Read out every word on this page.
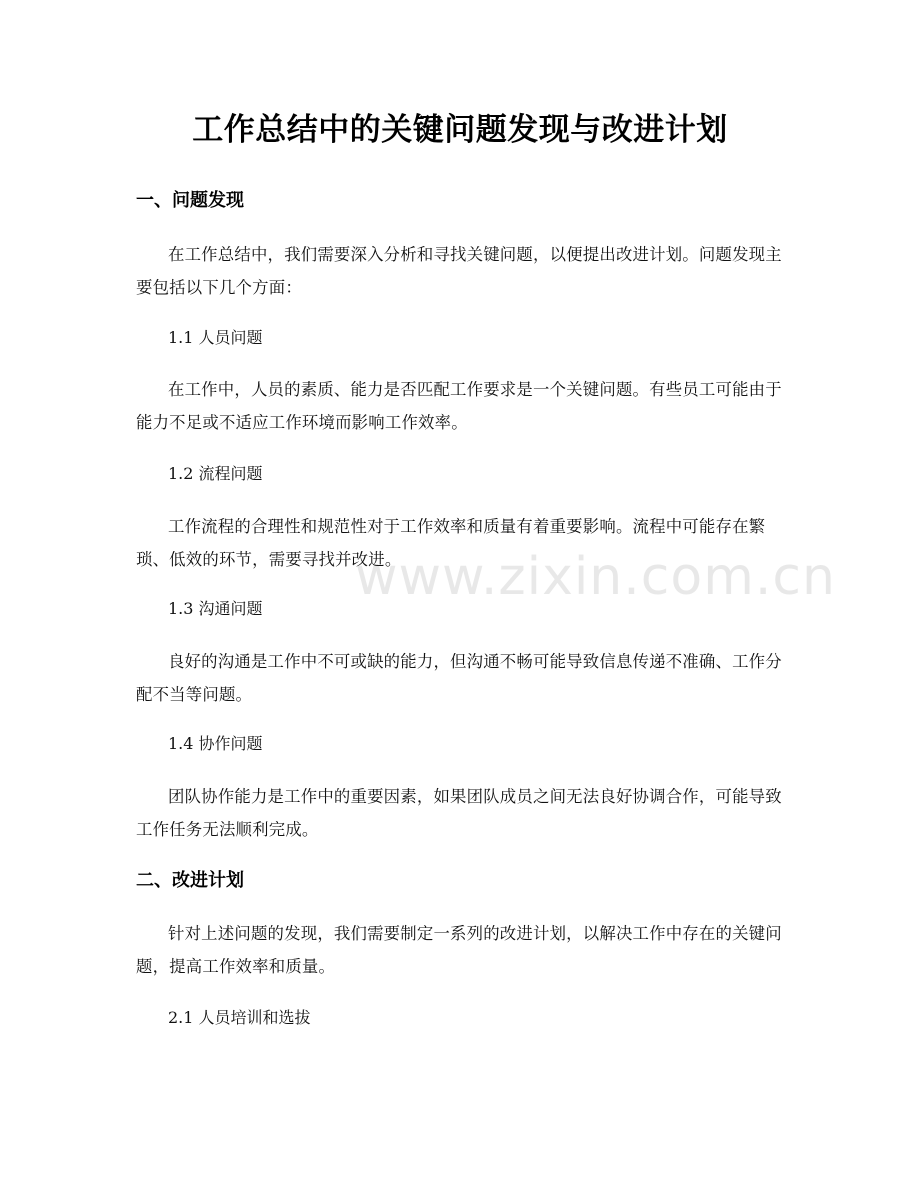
工作总结中的关键问题发现与改进计划
一、问题发现
在工作总结中，我们需要深入分析和寻找关键问题，以便提出改进计划。问题发现主要包括以下几个方面：
1.1 人员问题
在工作中，人员的素质、能力是否匹配工作要求是一个关键问题。有些员工可能由于能力不足或不适应工作环境而影响工作效率。
1.2 流程问题
工作流程的合理性和规范性对于工作效率和质量有着重要影响。流程中可能存在繁琐、低效的环节，需要寻找并改进。
1.3 沟通问题
良好的沟通是工作中不可或缺的能力，但沟通不畅可能导致信息传递不准确、工作分配不当等问题。
1.4 协作问题
团队协作能力是工作中的重要因素，如果团队成员之间无法良好协调合作，可能导致工作任务无法顺利完成。
二、改进计划
针对上述问题的发现，我们需要制定一系列的改进计划，以解决工作中存在的关键问题，提高工作效率和质量。
2.1 人员培训和选拔
www.zixin.com.cn
